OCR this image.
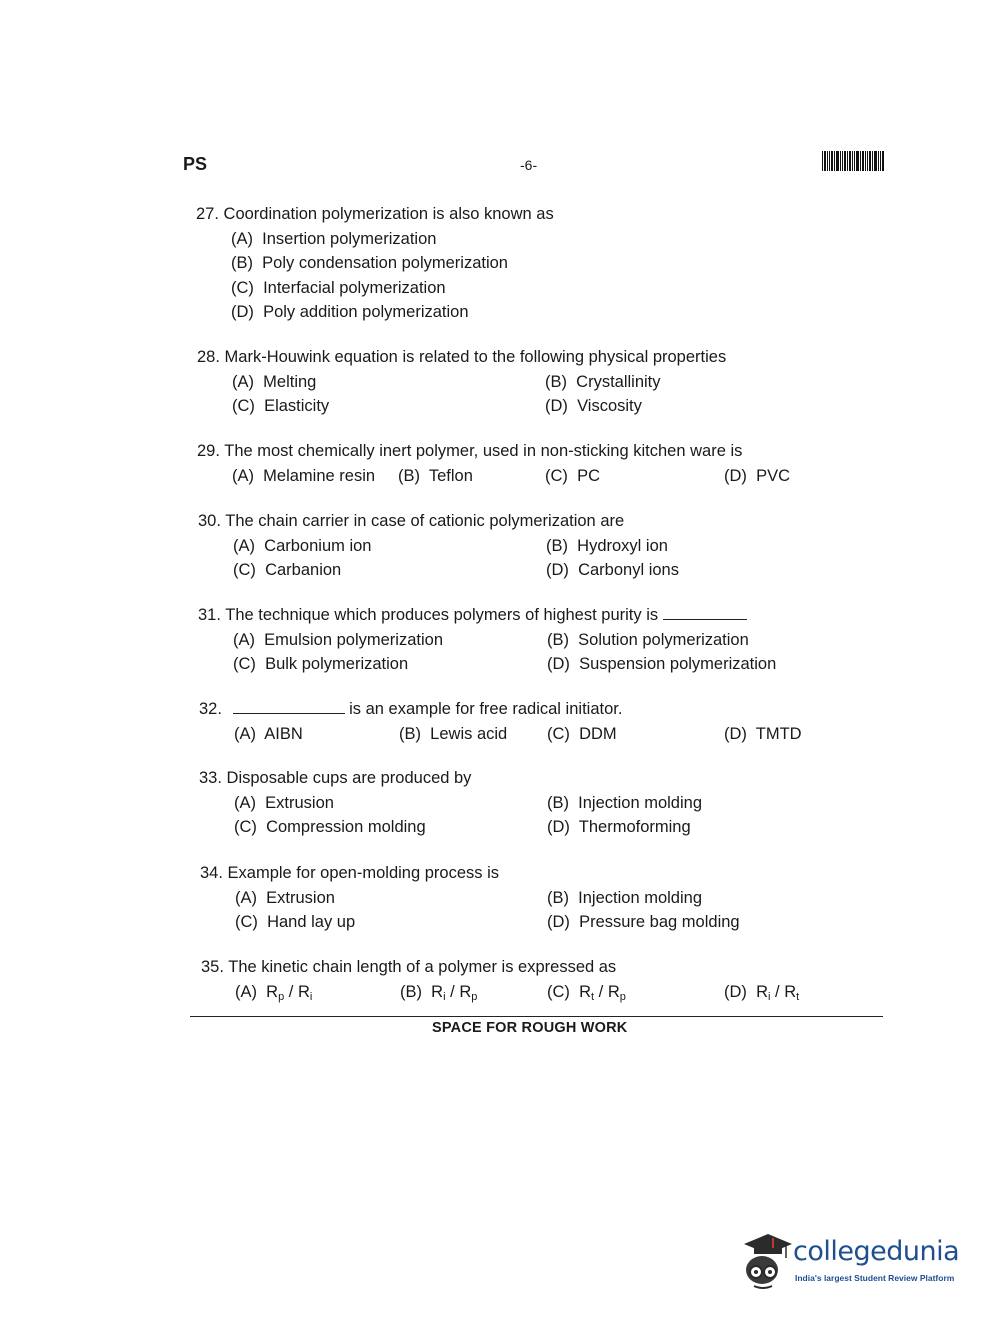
PS	-6-
27. Coordination polymerization is also known as
(A) Insertion polymerization
(B) Poly condensation polymerization
(C) Interfacial polymerization
(D) Poly addition polymerization
28. Mark-Houwink equation is related to the following physical properties
(A) Melting	(B) Crystallinity
(C) Elasticity	(D) Viscosity
29. The most chemically inert polymer, used in non-sticking kitchen ware is
(A) Melamine resin (B) Teflon	(C) PC	(D) PVC
30. The chain carrier in case of cationic polymerization are
(A) Carbonium ion	(B) Hydroxyl ion
(C) Carbanion	(D) Carbonyl ions
31. The technique which produces polymers of highest purity is
(A) Emulsion polymerization	(B) Solution polymerization
(C) Bulk polymerization	(D) Suspension polymerization
32.	is an example for free radical initiator.
(A) AIBN	(B) Lewis acid (C) DDM	(D) TMTD
33. Disposable cups are produced by
(A) Extrusion	(B) Injection molding
(C) Compression molding	(D) Thermoforming
34. Example for open-molding process is
(A) Extrusion	(B) Injection molding
(C) Hand lay up	(D) Pressure bag molding
35. The kinetic chain length of a polymer is expressed as
(A) $R_p / R_i$	(B) $R_i / R_p$	(C) $R_t / R_p$	(D) $R_i / R_t$
SPACE FOR ROUGH WORK
collegedunia
India's largest Student Review Platform
